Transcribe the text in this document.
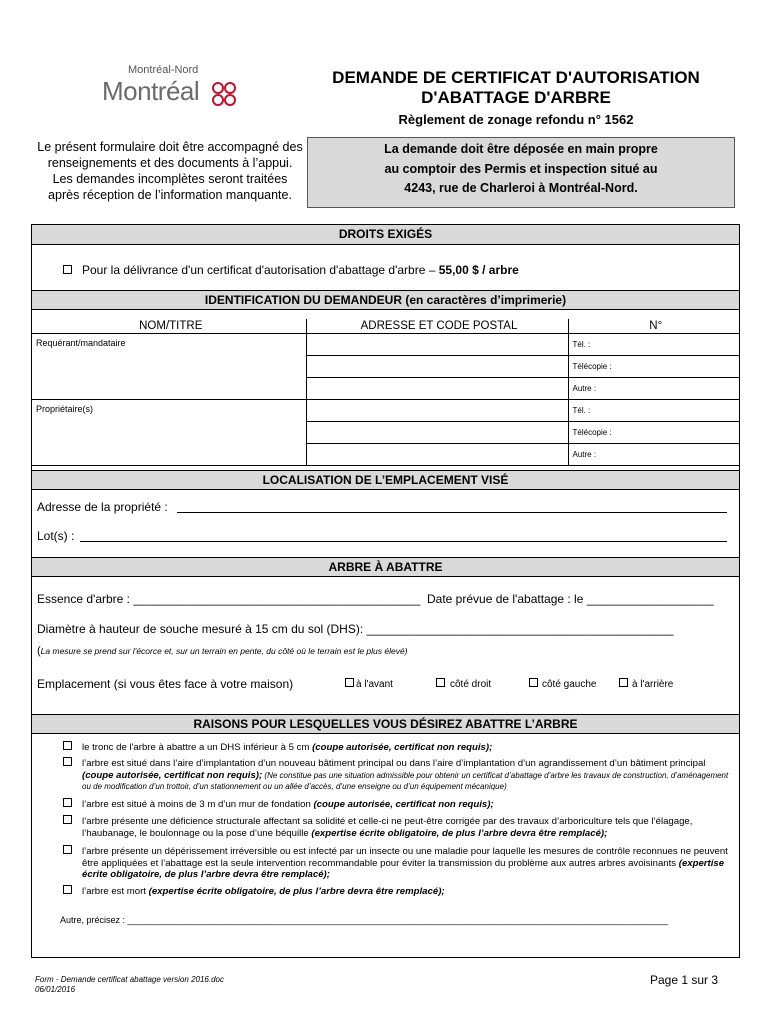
Montréal-Nord
Montréal	DEMANDE DE CERTIFICAT D'AUTORISATION
D'ABATTAGE D'ARBRE
Règlement de zonage refondu n° 1562
Le présent formulaire doit être accompagné des
renseignements et des documents à l’appui.
Les demandes incomplètes seront traitées
après réception de l’information manquante.
La demande doit être déposée en main propre
au comptoir des Permis et inspection situé au
4243, rue de Charleroi à Montréal-Nord.
DROITS EXIGÉS
Pour la délivrance d'un certificat d'autorisation d'abattage d'arbre – 55,00 $ / arbre
IDENTIFICATION DU DEMANDEUR (en caractères d’imprimerie)
NOM/TITRE	ADRESSE ET CODE POSTAL	N°
Requérant/mandataire		Tél. :
		Télécopie :
		Autre :
Propriétaire(s)		Tél. :
		Télécopie :
		Autre :
LOCALISATION DE L’EMPLACEMENT VISÉ
Adresse de la propriété :
Lot(s) :
ARBRE À ABATTRE
Essence d'arbre : ___________________________________________ Date prévue de l'abattage : le ___________________
Diamètre à hauteur de souche mesuré à 15 cm du sol (DHS): ______________________________________________
(La mesure se prend sur l'écorce et, sur un terrain en pente, du côté où le terrain est le plus élevé)
Emplacement (si vous êtes face à votre maison)	à l'avant	côté droit	côté gauche	à l'arrière
RAISONS POUR LESQUELLES VOUS DÉSIREZ ABATTRE L’ARBRE
le tronc de l'arbre à abattre a un DHS inférieur à 5 cm (coupe autorisée, certificat non requis);
l’arbre est situé dans l’aire d’implantation d’un nouveau bâtiment principal ou dans l’aire d’implantation d’un agrandissement d’un bâtiment principal (coupe autorisée, certificat non requis); (Ne constitue pas une situation admissible pour obtenir un certificat d’abattage d’arbre les travaux de construction, d’aménagement ou de modification d’un trottoir, d’un stationnement ou un allée d’accès, d’une enseigne ou d’un équipement mécanique)
l’arbre est situé à moins de 3 m d’un mur de fondation (coupe autorisée, certificat non requis);
l’arbre présente une déficience structurale affectant sa solidité et celle-ci ne peut-être corrigée par des travaux d’arboriculture tels que l’élagage, l’haubanage, le boulonnage ou la pose d’une béquille (expertise écrite obligatoire, de plus l’arbre devra être remplacé);
l’arbre présente un dépérissement irréversible ou est infecté par un insecte ou une maladie pour laquelle les mesures de contrôle reconnues ne peuvent être appliquées et l’abattage est la seule intervention recommandable pour éviter la transmission du problème aux autres arbres avoisinants (expertise écrite obligatoire, de plus l’arbre devra être remplacé);
l’arbre est mort (expertise écrite obligatoire, de plus l’arbre devra être remplacé);
Autre, précisez : ____________________________________________________________________________________________________________
Form - Demande certificat abattage version 2016.doc
06/01/2016
Page 1 sur 3
